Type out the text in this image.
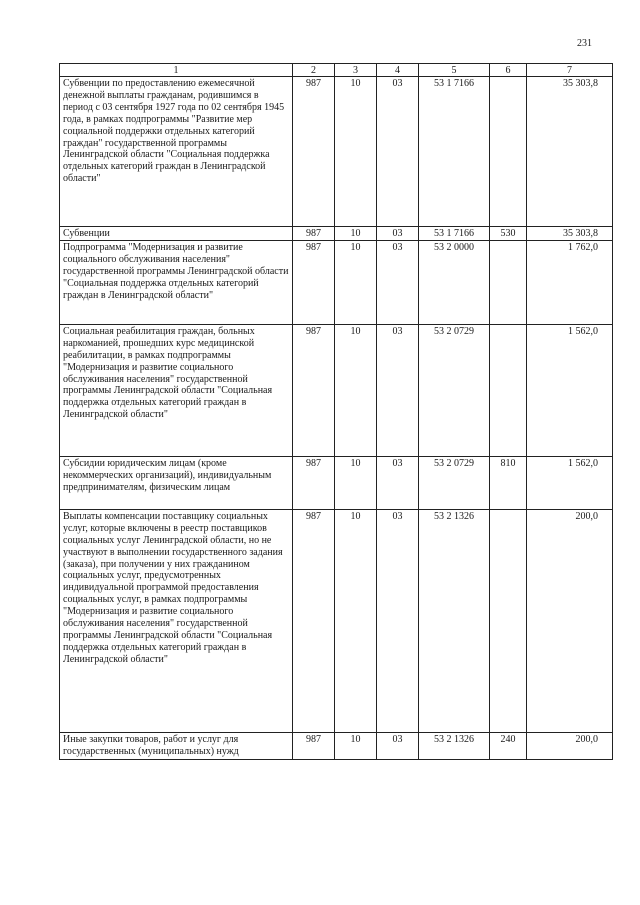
231
1	2	3	4	5	6	7
Субвенции по предоставлению ежемесячной денежной выплаты гражданам, родившимся в период с 03 сентября 1927 года по 02 сентября 1945 года, в рамках подпрограммы "Развитие мер социальной поддержки отдельных категорий граждан" государственной программы Ленинградской области "Социальная поддержка отдельных категорий граждан в Ленинградской области"	987	10	03	53 1 7166		35 303,8
Субвенции	987	10	03	53 1 7166	530	35 303,8
Подпрограмма "Модернизация и развитие социального обслуживания населения" государственной программы Ленинградской области "Социальная поддержка отдельных категорий граждан в Ленинградской области"	987	10	03	53 2 0000		1 762,0
Социальная реабилитация граждан, больных наркоманией, прошедших курс медицинской реабилитации, в рамках подпрограммы "Модернизация и развитие социального обслуживания населения" государственной программы Ленинградской области "Социальная поддержка отдельных категорий граждан в Ленинградской области"	987	10	03	53 2 0729		1 562,0
Субсидии юридическим лицам (кроме некоммерческих организаций), индивидуальным предпринимателям, физическим лицам	987	10	03	53 2 0729	810	1 562,0
Выплаты компенсации поставщику социальных услуг, которые включены в реестр поставщиков социальных услуг Ленинградской области, но не участвуют в выполнении государственного задания (заказа), при получении у них гражданином социальных услуг, предусмотренных индивидуальной программой предоставления социальных услуг, в рамках подпрограммы "Модернизация и развитие социального обслуживания населения" государственной программы Ленинградской области "Социальная поддержка отдельных категорий граждан в Ленинградской области"	987	10	03	53 2 1326		200,0
Иные закупки товаров, работ и услуг для государственных (муниципальных) нужд	987	10	03	53 2 1326	240	200,0
